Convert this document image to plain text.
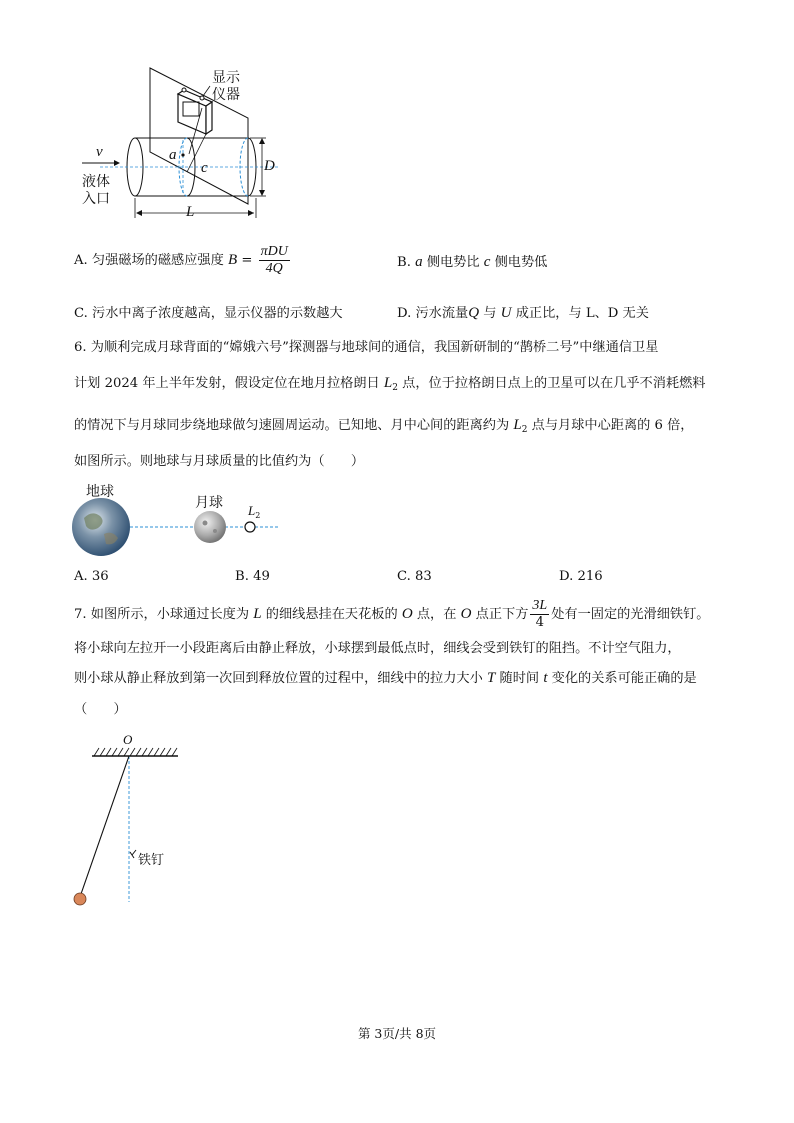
显示
仪器
v
液体
入口
a
c	D
L
A. 匀强磁场的磁感应强度 $B = \frac{\text{πDU}}{4Q}$	B. a 侧电势比 c 侧电势低
C. 污水中离子浓度越高，显示仪器的示数越大	D. 污水流量Q 与 U 成正比，与 L、D 无关
6. 为顺利完成月球背面的“嫦娥六号”探测器与地球间的通信，我国新研制的“鹊桥二号”中继通信卫星
计划 2024 年上半年发射，假设定位在地月拉格朗日 $L_2$ 点，位于拉格朗日点上的卫星可以在几乎不消耗燃料
的情况下与月球同步绕地球做匀速圆周运动。已知地、月中心间的距离约为 $L_2$ 点与月球中心距离的 6 倍，
如图所示。则地球与月球质量的比值约为（　　）
地球
月球 $L_2$
A. 36	B. 49	C. 83	D. 216
7. 如图所示，小球通过长度为 L 的细线悬挂在天花板的 O 点，在 O 点正下方 $\frac{3L}{4}$ 处有一固定的光滑细铁钉。
将小球向左拉开一小段距离后由静止释放，小球摆到最低点时，细线会受到铁钉的阻挡。不计空气阻力，
则小球从静止释放到第一次回到释放位置的过程中，细线中的拉力大小 T 随时间 t 变化的关系可能正确的是
（　　）
O
铁钉
第 3页/共 8页
